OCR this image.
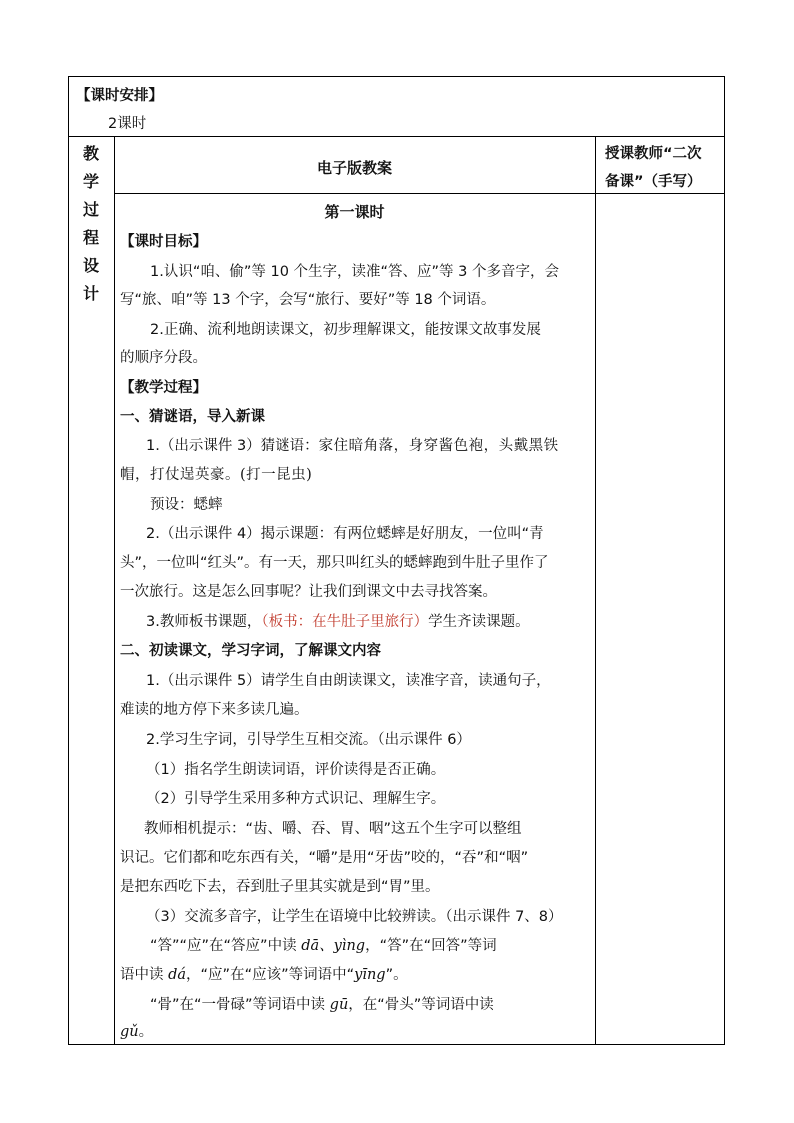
【课时安排】
2课时
教
学
过
程
设
计
电子版教案
授课教师“二次
备课”（手写）
第一课时
【课时目标】
1.认识“咱、偷”等 10 个生字，读准“答、应”等 3 个多音字，会
写“旅、咱”等 13 个字，会写“旅行、要好”等 18 个词语。
2.正确、流利地朗读课文，初步理解课文，能按课文故事发展
的顺序分段。
【教学过程】
一、猜谜语，导入新课
1.（出示课件 3）猜谜语：家住暗角落，身穿酱色袍，头戴黑铁
帽，打仗逞英豪。(打一昆虫)
预设：蟋蟀
2.（出示课件 4）揭示课题：有两位蟋蟀是好朋友，一位叫“青
头”，一位叫“红头”。有一天，那只叫红头的蟋蟀跑到牛肚子里作了
一次旅行。这是怎么回事呢？让我们到课文中去寻找答案。
3.教师板书课题，（板书：在牛肚子里旅行）学生齐读课题。
二、初读课文，学习字词，了解课文内容
1.（出示课件 5）请学生自由朗读课文，读准字音，读通句子，
难读的地方停下来多读几遍。
2.学习生字词，引导学生互相交流。（出示课件 6）
（1）指名学生朗读词语，评价读得是否正确。
（2）引导学生采用多种方式识记、理解生字。
教师相机提示：“齿、嚼、吞、胃、咽”这五个生字可以整组
识记。它们都和吃东西有关，“嚼”是用“牙齿”咬的，“吞”和“咽”
是把东西吃下去，吞到肚子里其实就是到“胃”里。
（3）交流多音字，让学生在语境中比较辨读。（出示课件 7、8）
“答”“应”在“答应”中读 dā、yìng，“答”在“回答”等词
语中读 dá，“应”在“应该”等词语中“yīng”。
“骨”在“一骨碌”等词语中读 gū，在“骨头”等词语中读
gǔ。
